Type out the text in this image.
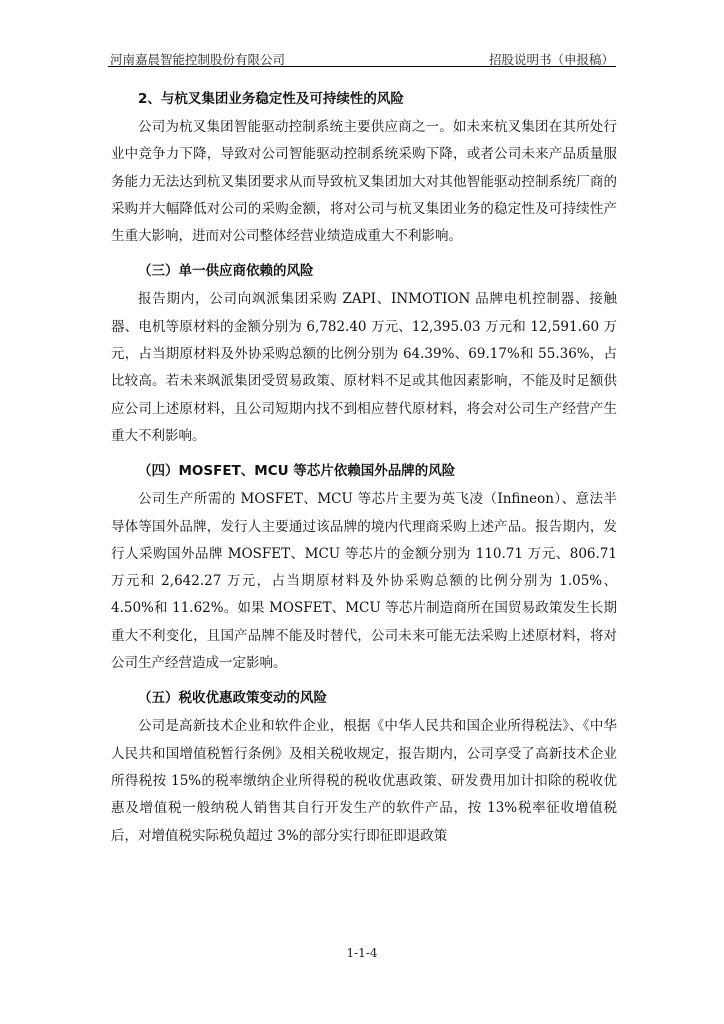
河南嘉晨智能控制股份有限公司	招股说明书（申报稿）
2、与杭叉集团业务稳定性及可持续性的风险

公司为杭叉集团智能驱动控制系统主要供应商之一。如未来杭叉集团在其所处行业中竞争力下降，导致对公司智能驱动控制系统采购下降，或者公司未来产品质量服务能力无法达到杭叉集团要求从而导致杭叉集团加大对其他智能驱动控制系统厂商的采购并大幅降低对公司的采购金额，将对公司与杭叉集团业务的稳定性及可持续性产生重大影响，进而对公司整体经营业绩造成重大不利影响。

（三）单一供应商依赖的风险

报告期内，公司向飒派集团采购 ZAPI、INMOTION 品牌电机控制器、接触器、电机等原材料的金额分别为 6,782.40 万元、12,395.03 万元和 12,591.60 万元，占当期原材料及外协采购总额的比例分别为 64.39%、69.17%和 55.36%，占比较高。若未来飒派集团受贸易政策、原材料不足或其他因素影响，不能及时足额供应公司上述原材料，且公司短期内找不到相应替代原材料，将会对公司生产经营产生重大不利影响。

（四）MOSFET、MCU 等芯片依赖国外品牌的风险

公司生产所需的 MOSFET、MCU 等芯片主要为英飞凌（Infineon）、意法半导体等国外品牌，发行人主要通过该品牌的境内代理商采购上述产品。报告期内，发行人采购国外品牌 MOSFET、MCU 等芯片的金额分别为 110.71 万元、806.71 万元和 2,642.27 万元，占当期原材料及外协采购总额的比例分别为 1.05%、4.50%和 11.62%。如果 MOSFET、MCU 等芯片制造商所在国贸易政策发生长期重大不利变化，且国产品牌不能及时替代，公司未来可能无法采购上述原材料，将对公司生产经营造成一定影响。

（五）税收优惠政策变动的风险

公司是高新技术企业和软件企业，根据《中华人民共和国企业所得税法》、《中华人民共和国增值税暂行条例》及相关税收规定，报告期内，公司享受了高新技术企业所得税按 15%的税率缴纳企业所得税的税收优惠政策、研发费用加计扣除的税收优惠及增值税一般纳税人销售其自行开发生产的软件产品，按 13%税率征收增值税后，对增值税实际税负超过 3%的部分实行即征即退政策

1-1-4
